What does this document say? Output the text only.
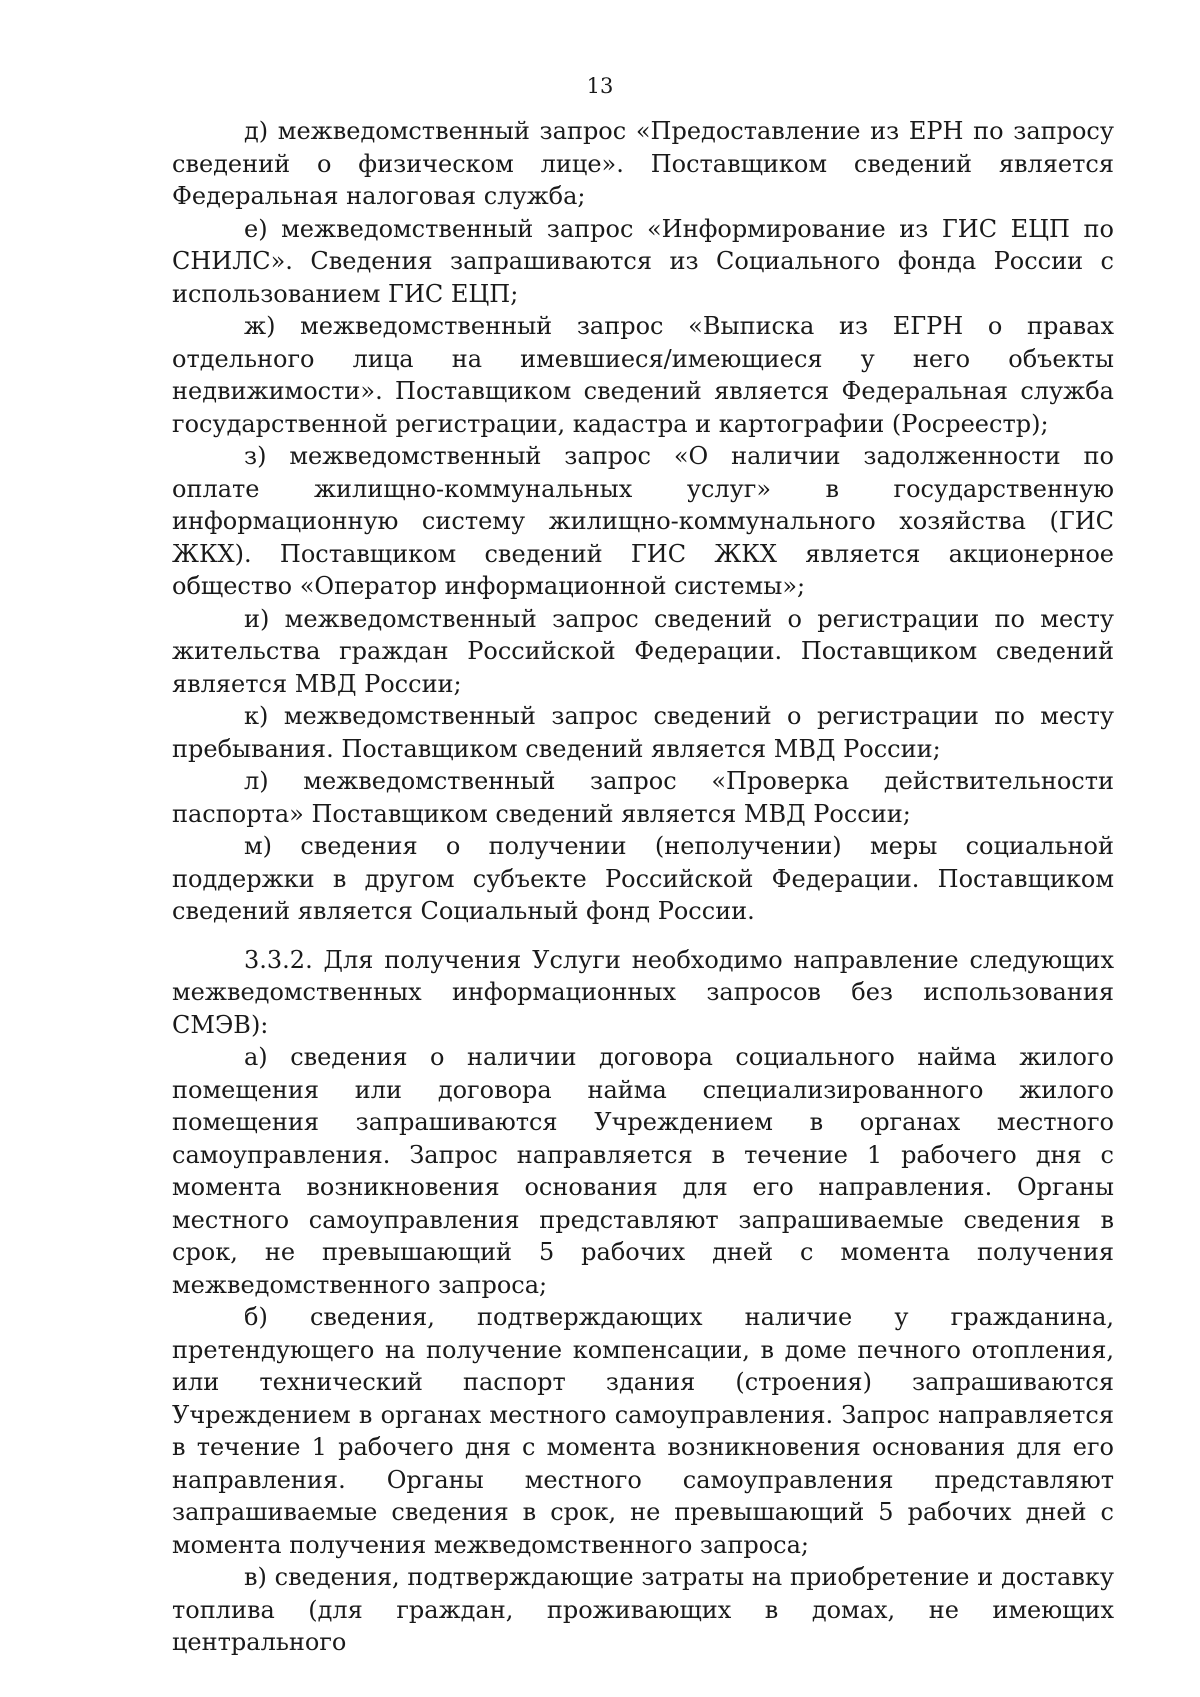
13

д) межведомственный запрос «Предоставление из ЕРН по запросу сведений о физическом лице». Поставщиком сведений является Федеральная налоговая служба;

е) межведомственный запрос «Информирование из ГИС ЕЦП по СНИЛС». Сведения запрашиваются из Социального фонда России с использованием ГИС ЕЦП;

ж) межведомственный запрос «Выписка из ЕГРН о правах отдельного лица на имевшиеся/имеющиеся у него объекты недвижимости». Поставщиком сведений является Федеральная служба государственной регистрации, кадастра и картографии (Росреестр);

з) межведомственный запрос «О наличии задолженности по оплате жилищно-коммунальных услуг» в государственную информационную систему жилищно-коммунального хозяйства (ГИС ЖКХ). Поставщиком сведений ГИС ЖКХ является акционерное общество «Оператор информационной системы»;

и) межведомственный запрос сведений о регистрации по месту жительства граждан Российской Федерации. Поставщиком сведений является МВД России;

к) межведомственный запрос сведений о регистрации по месту пребывания. Поставщиком сведений является МВД России;

л) межведомственный запрос «Проверка действительности паспорта» Поставщиком сведений является МВД России;

м) сведения о получении (неполучении) меры социальной поддержки в другом субъекте Российской Федерации. Поставщиком сведений является Социальный фонд России.

3.3.2. Для получения Услуги необходимо направление следующих межведомственных информационных запросов без использования СМЭВ):

а) сведения о наличии договора социального найма жилого помещения или договора найма специализированного жилого помещения запрашиваются Учреждением в органах местного самоуправления. Запрос направляется в течение 1 рабочего дня с момента возникновения основания для его направления. Органы местного самоуправления представляют запрашиваемые сведения в срок, не превышающий 5 рабочих дней с момента получения межведомственного запроса;

б) сведения, подтверждающих наличие у гражданина, претендующего на получение компенсации, в доме печного отопления, или технический паспорт здания (строения) запрашиваются Учреждением в органах местного самоуправления. Запрос направляется в течение 1 рабочего дня с момента возникновения основания для его направления. Органы местного самоуправления представляют запрашиваемые сведения в срок, не превышающий 5 рабочих дней с момента получения межведомственного запроса;

в) сведения, подтверждающие затраты на приобретение и доставку топлива (для граждан, проживающих в домах, не имеющих центрального
